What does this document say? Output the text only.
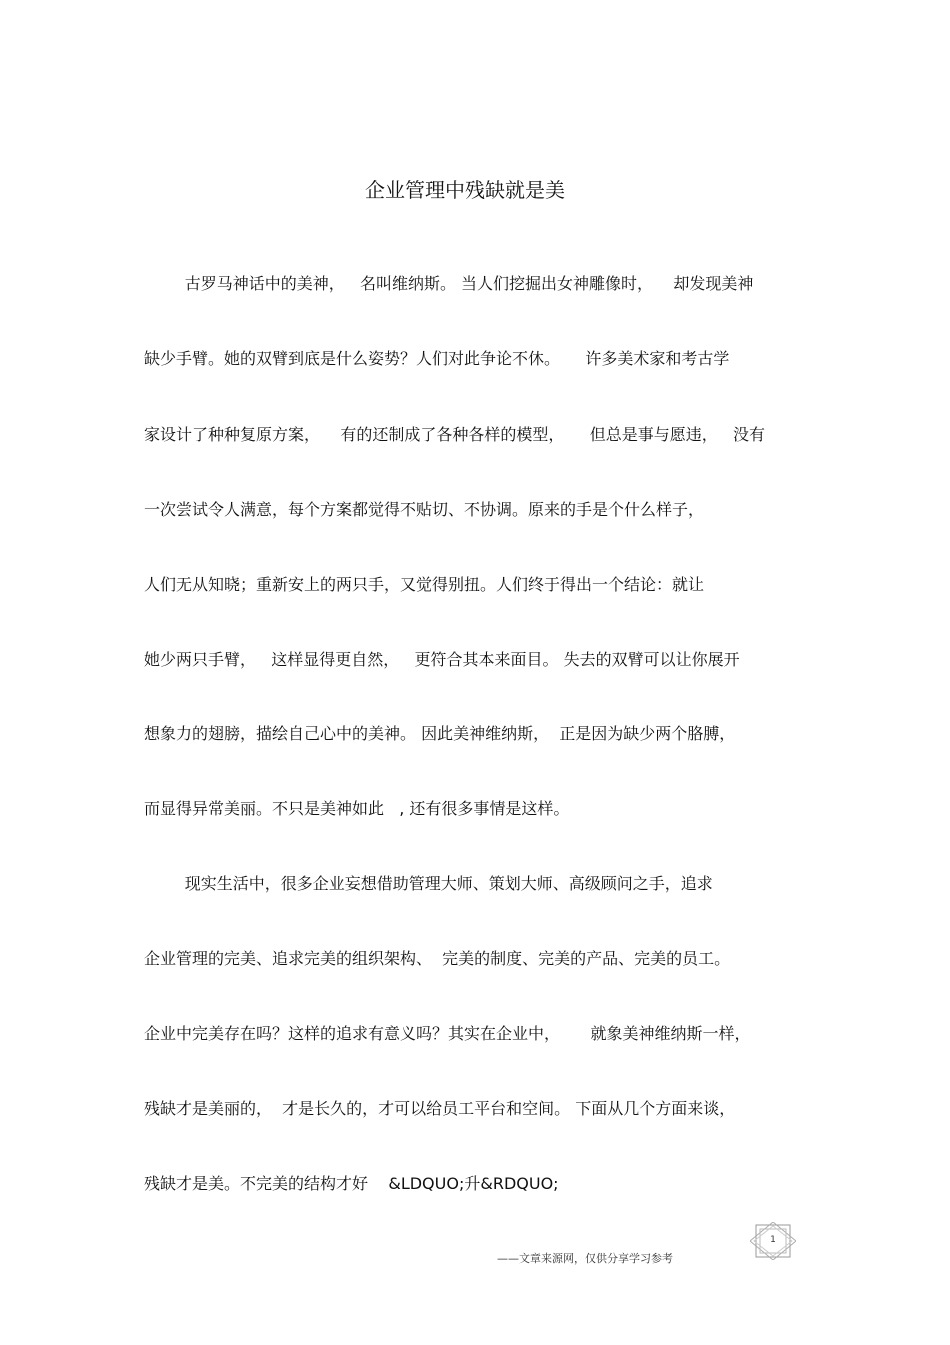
企业管理中残缺就是美
古罗马神话中的美神，   名叫维纳斯。 当人们挖掘出女神雕像时，    却发现美神
缺少手臂。她的双臂到底是什么姿势？人们对此争论不休。     许多美术家和考古学
家设计了种种复原方案，    有的还制成了各种各样的模型，     但总是事与愿违，   没有
一次尝试令人满意，每个方案都觉得不贴切、不协调。原来的手是个什么样子，
人们无从知晓；重新安上的两只手，又觉得别扭。人们终于得出一个结论：就让
她少两只手臂，   这样显得更自然，   更符合其本来面目。 失去的双臂可以让你展开
想象力的翅膀，描绘自己心中的美神。 因此美神维纳斯，  正是因为缺少两个胳膊，
而显得异常美丽。不只是美神如此   , 还有很多事情是这样。
现实生活中，很多企业妄想借助管理大师、策划大师、高级顾问之手，追求
企业管理的完美、追求完美的组织架构、  完美的制度、完美的产品、完美的员工。
企业中完美存在吗？这样的追求有意义吗？其实在企业中，      就象美神维纳斯一样，
残缺才是美丽的，  才是长久的，才可以给员工平台和空间。 下面从几个方面来谈，
残缺才是美。不完美的结构才好    &LDQUO;升&RDQUO;
——文章来源网，仅供分享学习参考
1
